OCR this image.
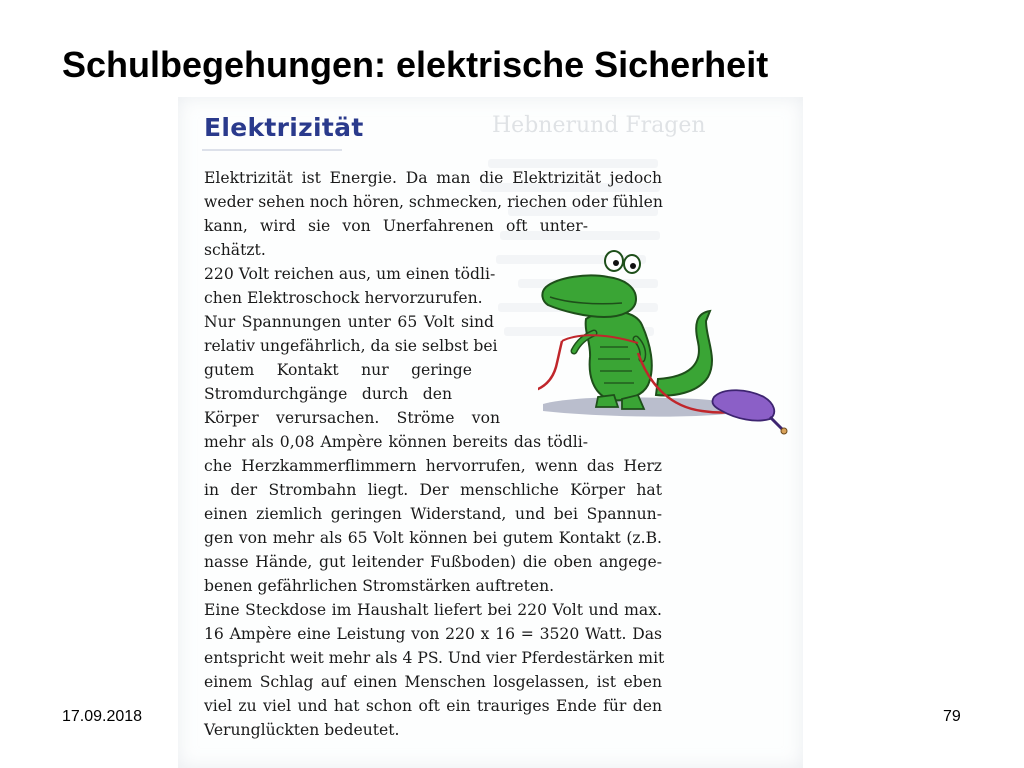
Schulbegehungen: elektrische Sicherheit
Hebnerund Fragen
Elektrizität
Elektrizität ist Energie. Da man die Elektrizität jedoch
weder sehen noch hören, schmecken, riechen oder fühlen
kann, wird sie von Unerfahrenen oft unter-
schätzt.
220 Volt reichen aus, um einen tödli-
chen Elektroschock hervorzurufen.
Nur Spannungen unter 65 Volt sind
relativ ungefährlich, da sie selbst bei
gutem Kontakt nur geringe
Stromdurchgänge durch den
Körper verursachen. Ströme von
mehr als 0,08 Ampère können bereits das tödli-
che Herzkammerflimmern hervorrufen, wenn das Herz
in der Strombahn liegt. Der menschliche Körper hat
einen ziemlich geringen Widerstand, und bei Spannun-
gen von mehr als 65 Volt können bei gutem Kontakt (z.B.
nasse Hände, gut leitender Fußboden) die oben angege-
benen gefährlichen Stromstärken auftreten.
Eine Steckdose im Haushalt liefert bei 220 Volt und max.
16 Ampère eine Leistung von 220 x 16 = 3520 Watt. Das
entspricht weit mehr als 4 PS. Und vier Pferdestärken mit
einem Schlag auf einen Menschen losgelassen, ist eben
viel zu viel und hat schon oft ein trauriges Ende für den
Verunglückten bedeutet.
17.09.2018	79
